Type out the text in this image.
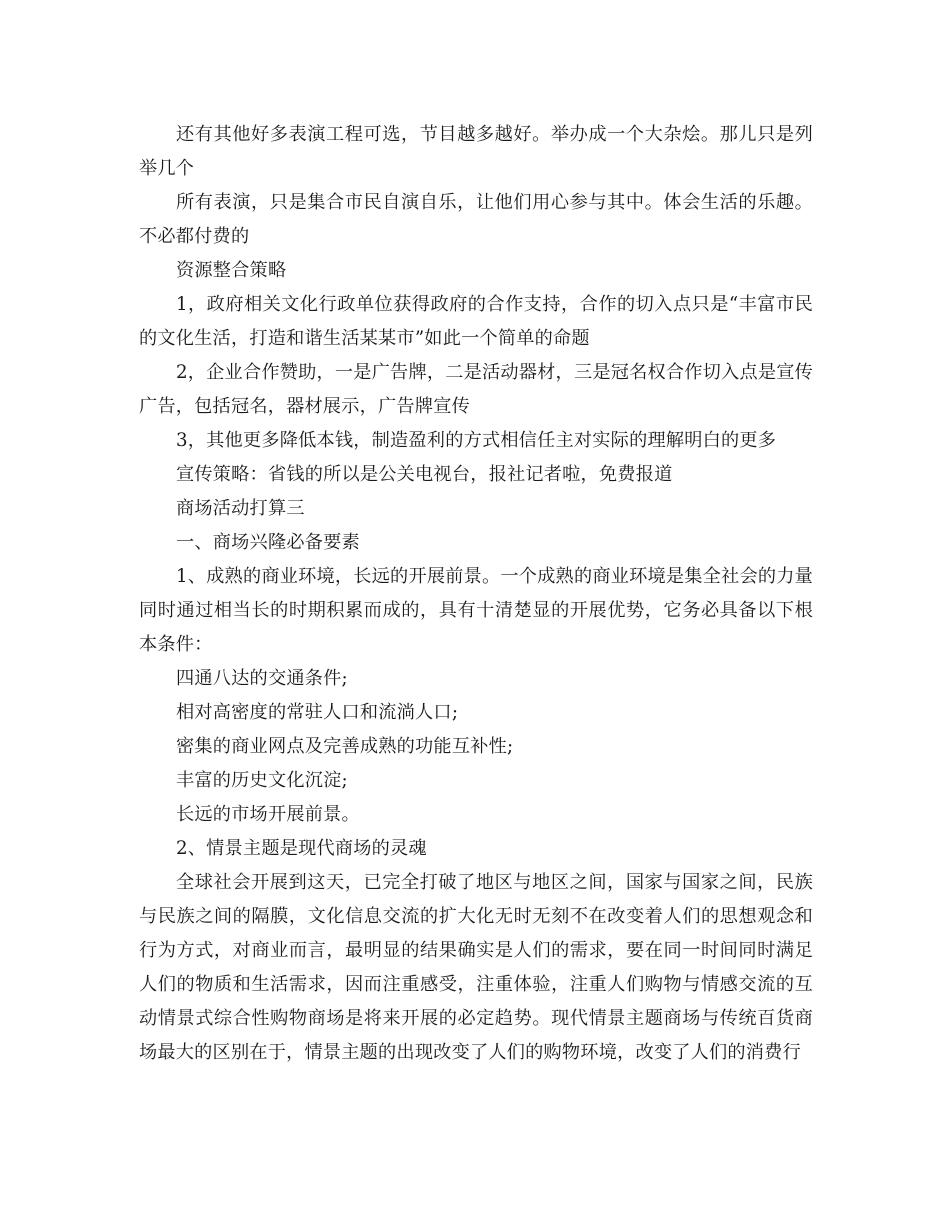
还有其他好多表演工程可选，节目越多越好。举办成一个大杂烩。那儿只是列举几个

所有表演，只是集合市民自演自乐，让他们用心参与其中。体会生活的乐趣。不必都付费的

资源整合策略

1，政府相关文化行政单位获得政府的合作支持，合作的切入点只是“丰富市民的文化生活，打造和谐生活某某市”如此一个简单的命题

2，企业合作赞助，一是广告牌，二是活动器材，三是冠名权合作切入点是宣传广告，包括冠名，器材展示，广告牌宣传

3，其他更多降低本钱，制造盈利的方式相信任主对实际的理解明白的更多

宣传策略：省钱的所以是公关电视台，报社记者啦，免费报道

商场活动打算三

一、商场兴隆必备要素

1、成熟的商业环境，长远的开展前景。一个成熟的商业环境是集全社会的力量同时通过相当长的时期积累而成的，具有十清楚显的开展优势，它务必具备以下根本条件：

四通八达的交通条件;

相对高密度的常驻人口和流淌人口;

密集的商业网点及完善成熟的功能互补性;

丰富的历史文化沉淀;

长远的市场开展前景。

2、情景主题是现代商场的灵魂

全球社会开展到这天，已完全打破了地区与地区之间，国家与国家之间，民族与民族之间的隔膜，文化信息交流的扩大化无时无刻不在改变着人们的思想观念和行为方式，对商业而言，最明显的结果确实是人们的需求，要在同一时间同时满足人们的物质和生活需求，因而注重感受，注重体验，注重人们购物与情感交流的互动情景式综合性购物商场是将来开展的必定趋势。现代情景主题商场与传统百货商场最大的区别在于，情景主题的出现改变了人们的购物环境，改变了人们的消费行
